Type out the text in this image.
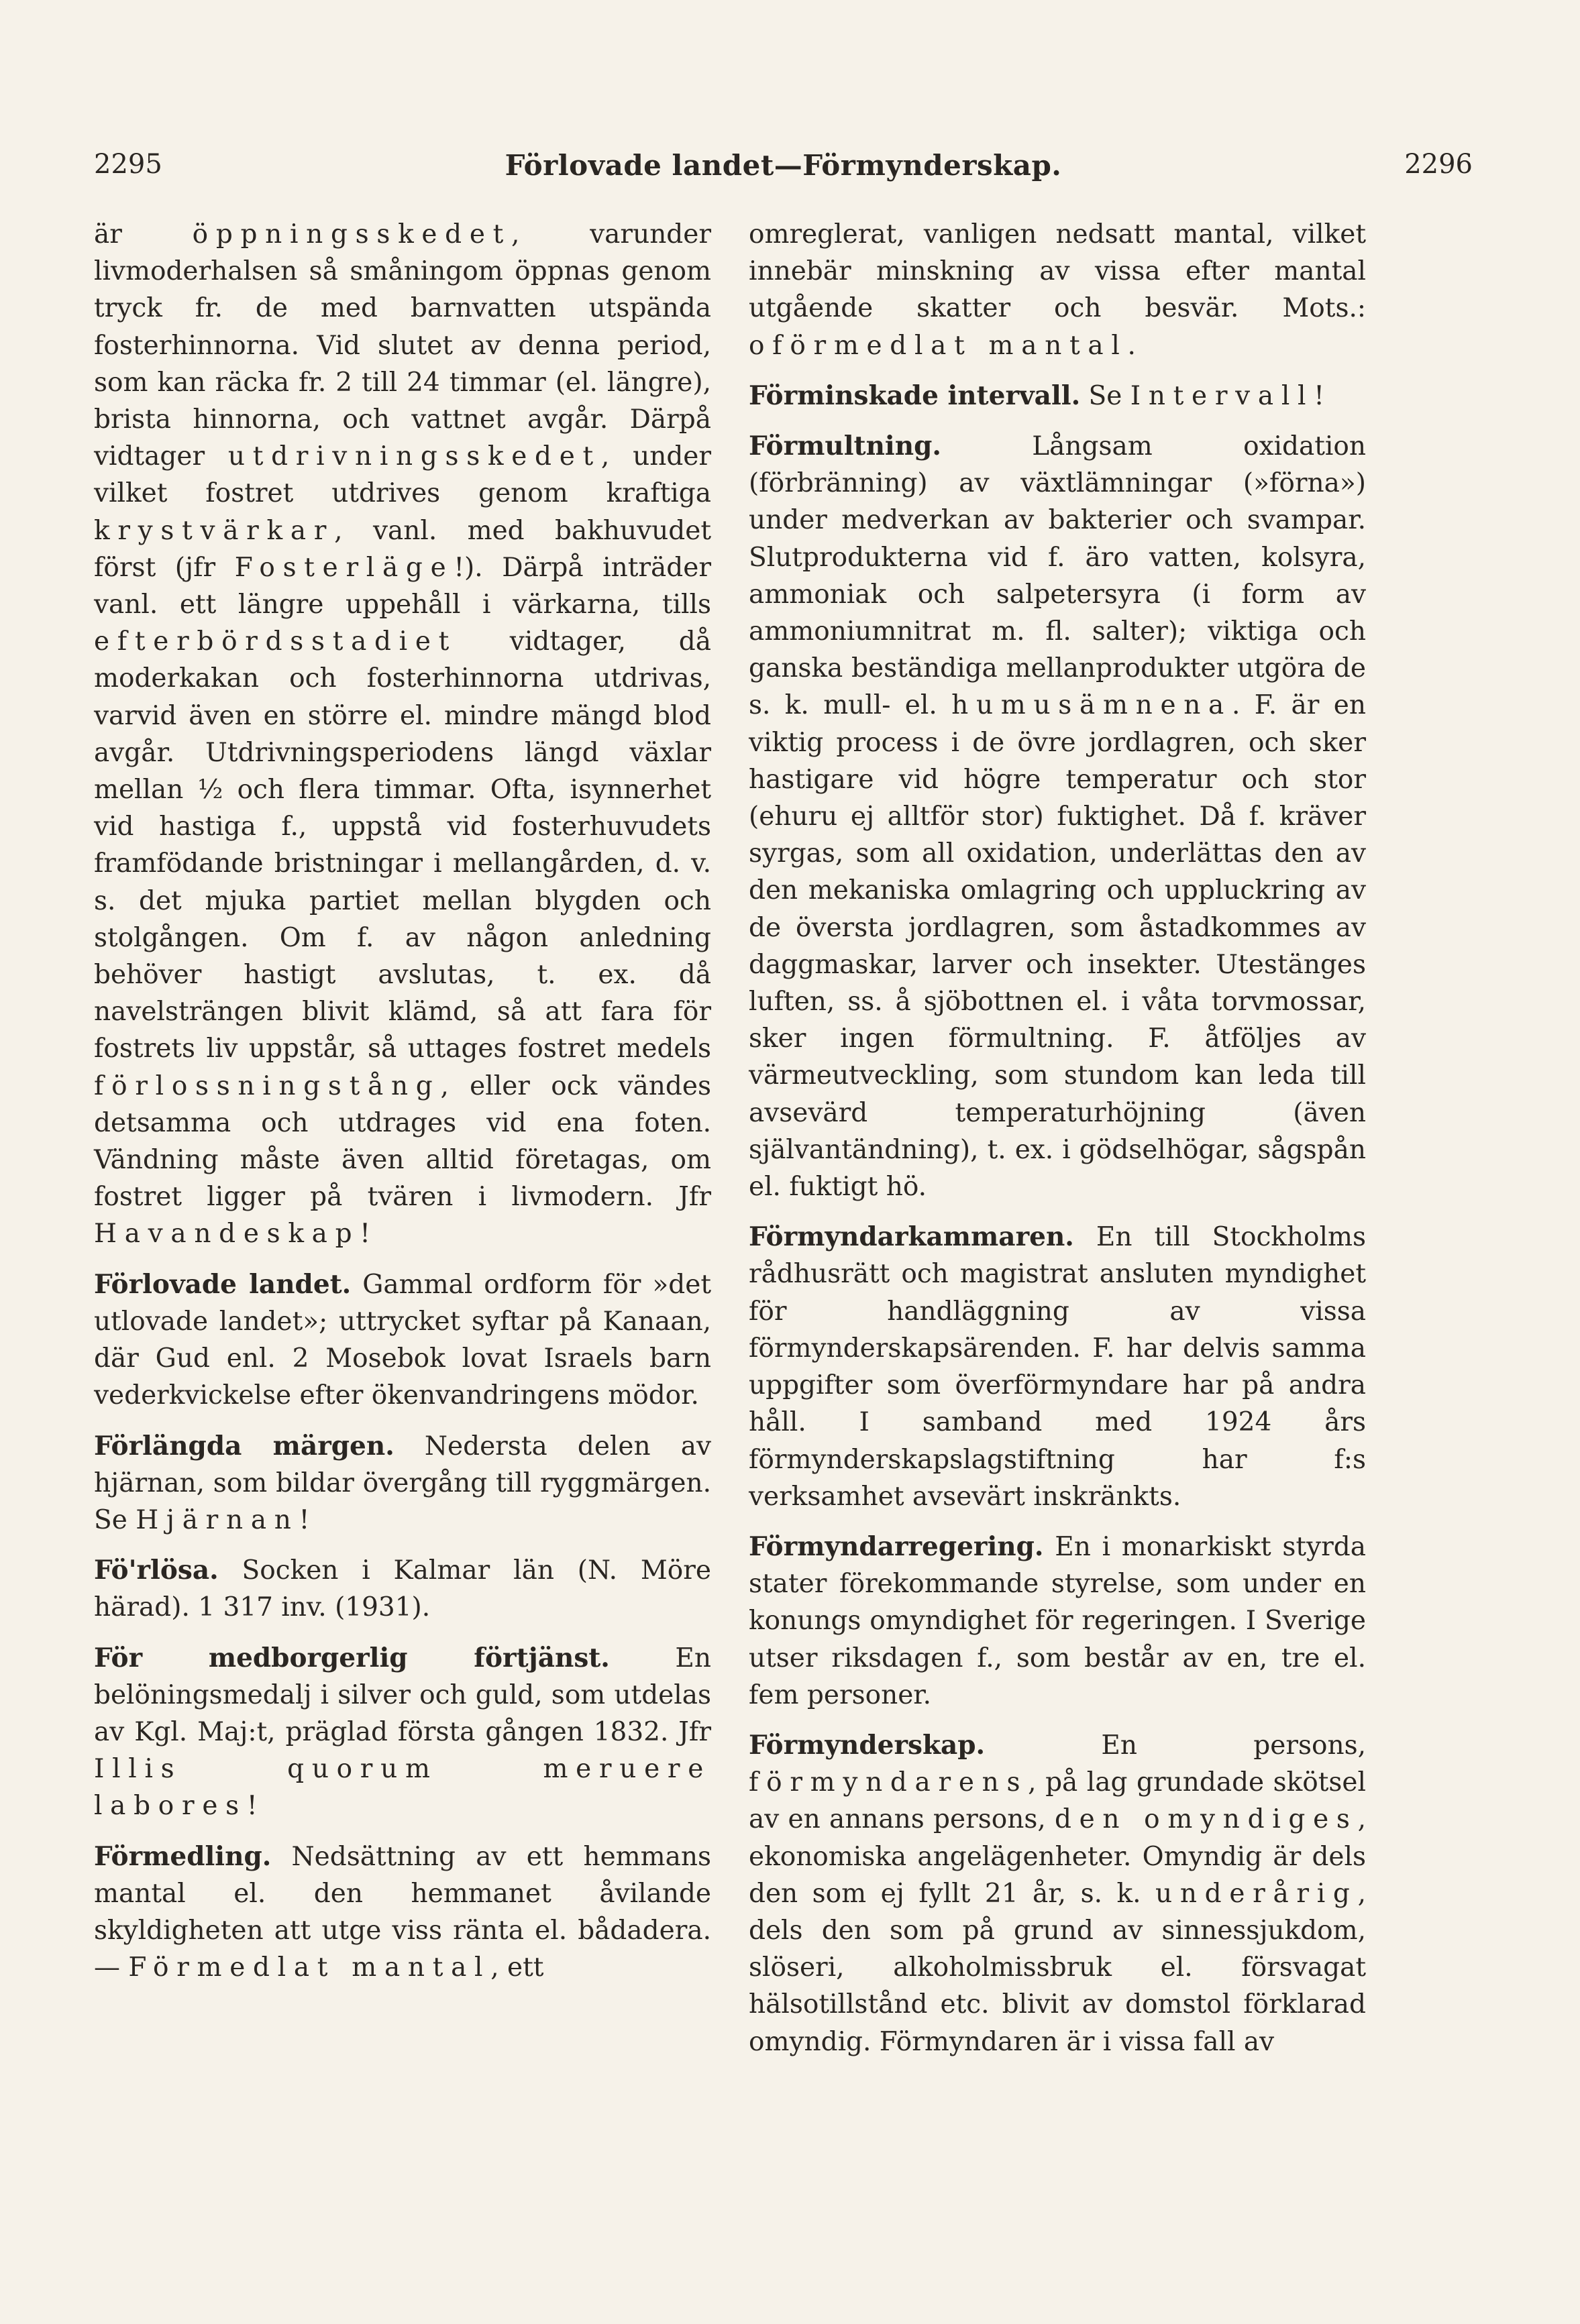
2295	Förlovade landet—Förmynderskap.	2296

är öppningsskedet, varunder livmoderhalsen så småningom öppnas genom tryck fr. de med barnvatten utspända fosterhinnorna. Vid slutet av denna period, som kan räcka fr. 2 till 24 timmar (el. längre), brista hinnorna, och vattnet avgår. Därpå vidtager utdrivningsskedet, under vilket fostret utdrives genom kraftiga krystvärkar, vanl. med bakhuvudet först (jfr Fosterläge!). Därpå inträder vanl. ett längre uppehåll i värkarna, tills efterbördsstadiet vidtager, då moderkakan och fosterhinnorna utdrivas, varvid även en större el. mindre mängd blod avgår. Utdrivningsperiodens längd växlar mellan ½ och flera timmar. Ofta, isynnerhet vid hastiga f., uppstå vid fosterhuvudets framfödande bristningar i mellangården, d. v. s. det mjuka partiet mellan blygden och stolgången. Om f. av någon anledning behöver hastigt avslutas, t. ex. då navelsträngen blivit klämd, så att fara för fostrets liv uppstår, så uttages fostret medels förlossningstång, eller ock vändes detsamma och utdrages vid ena foten. Vändning måste även alltid företagas, om fostret ligger på tvären i livmodern. Jfr Havandeskap!

Förlovade landet. Gammal ordform för »det utlovade landet»; uttrycket syftar på Kanaan, där Gud enl. 2 Mosebok lovat Israels barn vederkvickelse efter ökenvandringens mödor.

Förlängda märgen. Nedersta delen av hjärnan, som bildar övergång till ryggmärgen. Se Hjärnan!

Fö'rlösa. Socken i Kalmar län (N. Möre härad). 1 317 inv. (1931).

För medborgerlig förtjänst. En belöningsmedalj i silver och guld, som utdelas av Kgl. Maj:t, präglad första gången 1832. Jfr Illis quorum meruere labores!

Förmedling. Nedsättning av ett hemmans mantal el. den hemmanet åvilande skyldigheten att utge viss ränta el. bådadera. — Förmedlat mantal, ett

omreglerat, vanligen nedsatt mantal, vilket innebär minskning av vissa efter mantal utgående skatter och besvär. Mots.: oförmedlat mantal.

Förminskade intervall. Se Intervall!

Förmultning. Långsam oxidation (förbränning) av växtlämningar (»förna») under medverkan av bakterier och svampar. Slutprodukterna vid f. äro vatten, kolsyra, ammoniak och salpetersyra (i form av ammoniumnitrat m. fl. salter); viktiga och ganska beständiga mellanprodukter utgöra de s. k. mull- el. humusämnena. F. är en viktig process i de övre jordlagren, och sker hastigare vid högre temperatur och stor (ehuru ej alltför stor) fuktighet. Då f. kräver syrgas, som all oxidation, underlättas den av den mekaniska omlagring och uppluckring av de översta jordlagren, som åstadkommes av daggmaskar, larver och insekter. Utestänges luften, ss. å sjöbottnen el. i våta torvmossar, sker ingen förmultning. F. åtföljes av värmeutveckling, som stundom kan leda till avsevärd temperaturhöjning (även självantändning), t. ex. i gödselhögar, sågspån el. fuktigt hö.

Förmyndarkammaren. En till Stockholms rådhusrätt och magistrat ansluten myndighet för handläggning av vissa förmynderskapsärenden. F. har delvis samma uppgifter som överförmyndare har på andra håll. I samband med 1924 års förmynderskapslagstiftning har f:s verksamhet avsevärt inskränkts.

Förmyndarregering. En i monarkiskt styrda stater förekommande styrelse, som under en konungs omyndighet för regeringen. I Sverige utser riksdagen f., som består av en, tre el. fem personer.

Förmynderskap. En persons, förmyndarens, på lag grundade skötsel av en annans persons, den omyndiges, ekonomiska angelägenheter. Omyndig är dels den som ej fyllt 21 år, s. k. underårig, dels den som på grund av sinnessjukdom, slöseri, alkoholmissbruk el. försvagat hälsotillstånd etc. blivit av domstol förklarad omyndig. Förmyndaren är i vissa fall av
